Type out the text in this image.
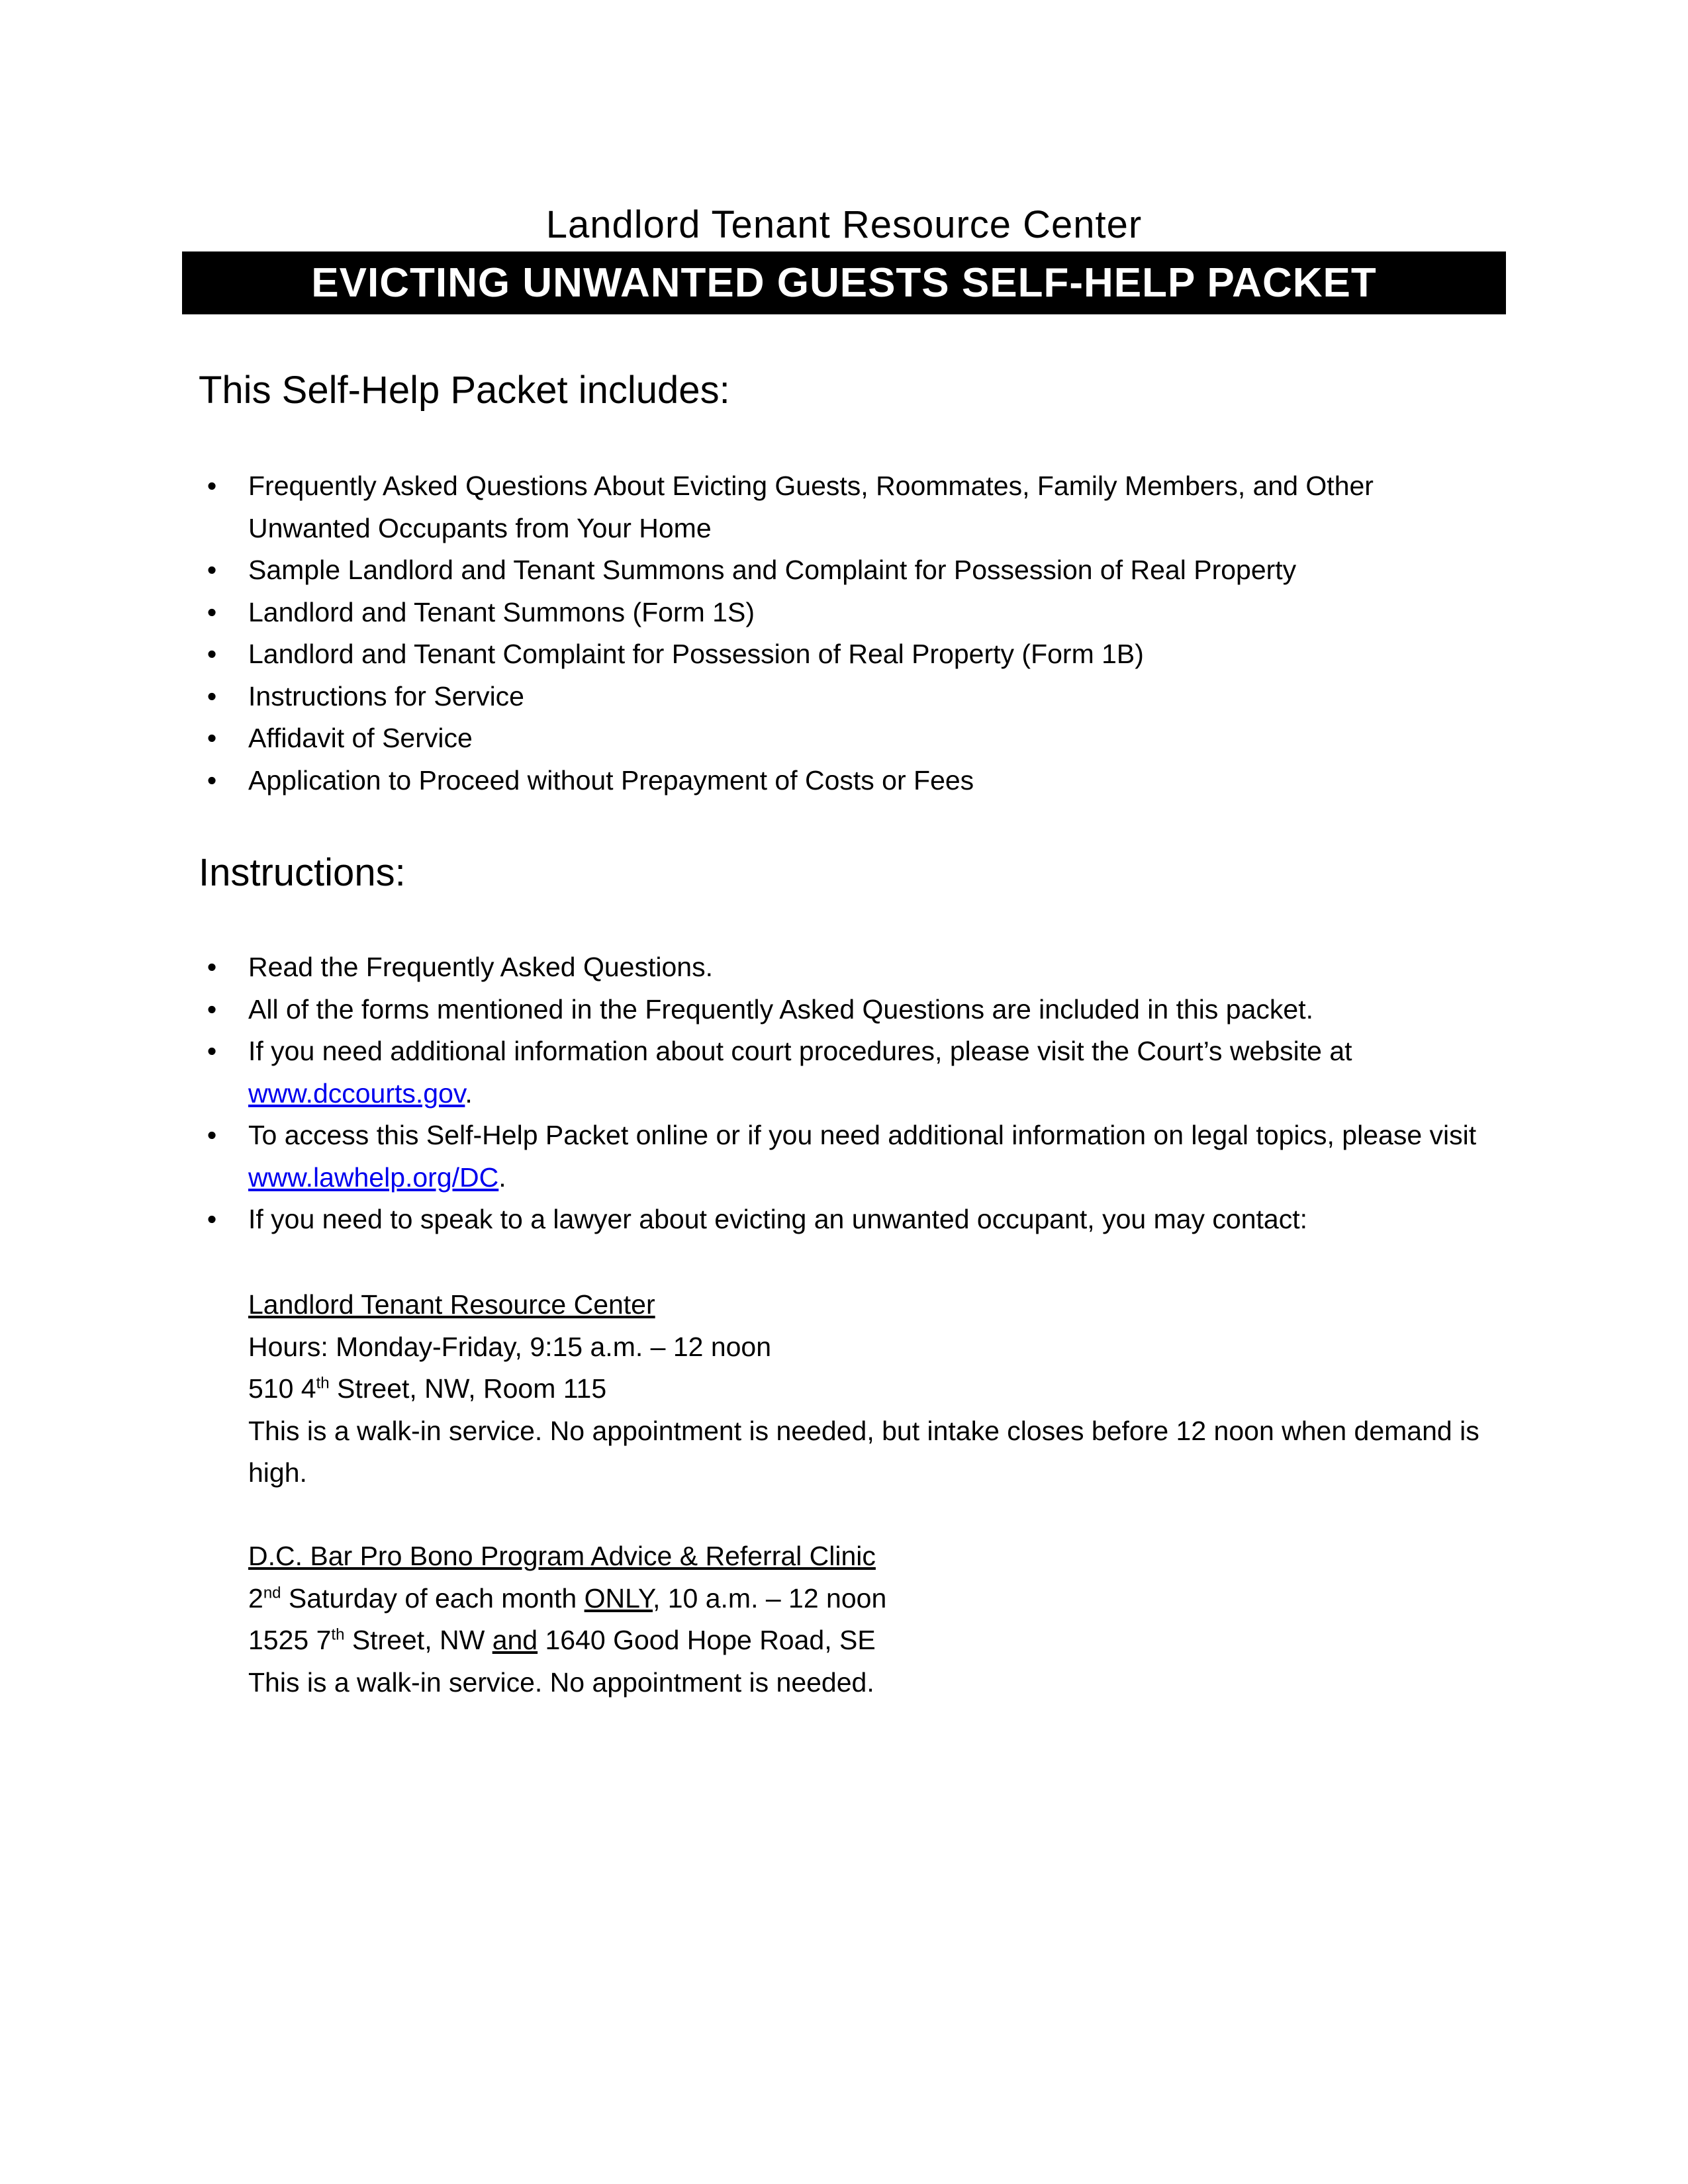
Landlord Tenant Resource Center
EVICTING UNWANTED GUESTS SELF-HELP PACKET
This Self-Help Packet includes:
•	Frequently Asked Questions About Evicting Guests, Roommates, Family Members, and Other Unwanted Occupants from Your Home
•	Sample Landlord and Tenant Summons and Complaint for Possession of Real Property
•	Landlord and Tenant Summons (Form 1S)
•	Landlord and Tenant Complaint for Possession of Real Property (Form 1B)
•	Instructions for Service
•	Affidavit of Service
•	Application to Proceed without Prepayment of Costs or Fees
Instructions:
•	Read the Frequently Asked Questions.
•	All of the forms mentioned in the Frequently Asked Questions are included in this packet.
•	If you need additional information about court procedures, please visit the Court’s website at www.dccourts.gov.
•	To access this Self-Help Packet online or if you need additional information on legal topics, please visit www.lawhelp.org/DC.
•	If you need to speak to a lawyer about evicting an unwanted occupant, you may contact:
Landlord Tenant Resource Center
Hours: Monday-Friday, 9:15 a.m. – 12 noon
510 4th Street, NW, Room 115
This is a walk-in service. No appointment is needed, but intake closes before 12 noon when demand is high.
D.C. Bar Pro Bono Program Advice & Referral Clinic
2nd Saturday of each month ONLY, 10 a.m. – 12 noon
1525 7th Street, NW and 1640 Good Hope Road, SE
This is a walk-in service. No appointment is needed.
